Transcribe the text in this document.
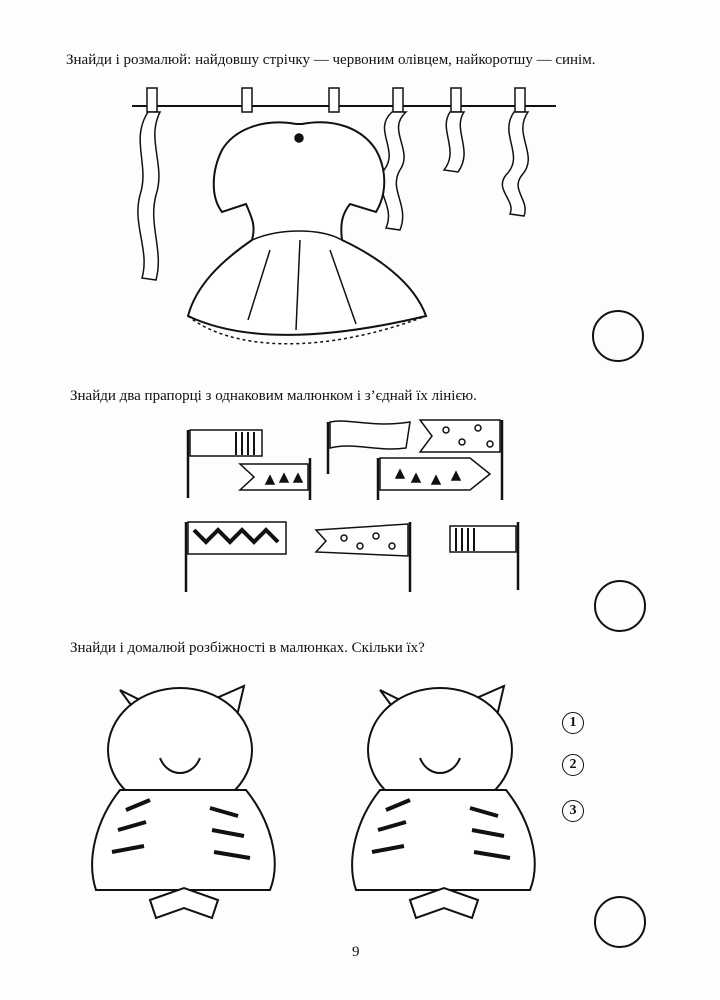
Знайди і розмалюй: найдовшу стрічку — червоним олівцем, найкоротшу — синім.
Знайди два прапорці з однаковим малюнком і з’єднай їх лінією.
Знайди і домалюй розбіжності в малюнках. Скільки їх?
1
2
3
9
